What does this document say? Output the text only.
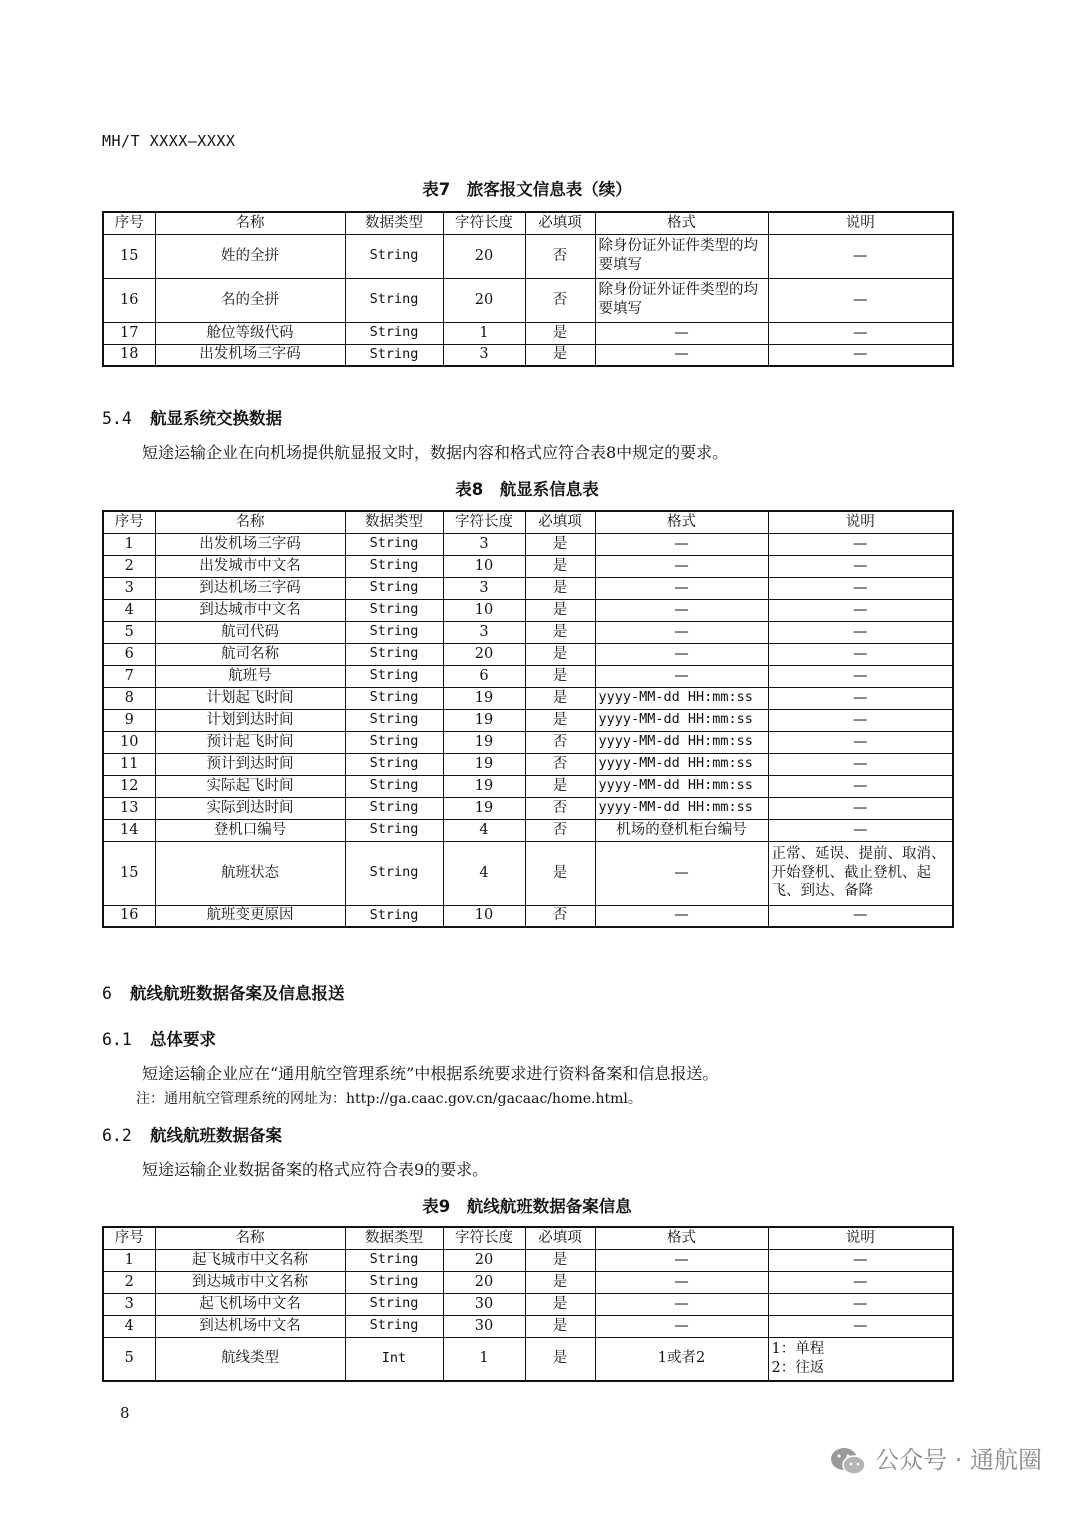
MH/T XXXX—XXXX
表7　旅客报文信息表（续）
序号	名称	数据类型	字符长度	必填项	格式	说明
15	姓的全拼	String	20	否	除身份证外证件类型的均要填写	—
16	名的全拼	String	20	否	除身份证外证件类型的均要填写	—
17	舱位等级代码	String	1	是	—	—
18	出发机场三字码	String	3	是	—	—
5.4 航显系统交换数据
短途运输企业在向机场提供航显报文时，数据内容和格式应符合表8中规定的要求。
表8　航显系信息表
序号	名称	数据类型	字符长度	必填项	格式	说明
1	出发机场三字码	String	3	是	—	—
2	出发城市中文名	String	10	是	—	—
3	到达机场三字码	String	3	是	—	—
4	到达城市中文名	String	10	是	—	—
5	航司代码	String	3	是	—	—
6	航司名称	String	20	是	—	—
7	航班号	String	6	是	—	—
8	计划起飞时间	String	19	是	yyyy-MM-dd HH:mm:ss	—
9	计划到达时间	String	19	是	yyyy-MM-dd HH:mm:ss	—
10	预计起飞时间	String	19	否	yyyy-MM-dd HH:mm:ss	—
11	预计到达时间	String	19	否	yyyy-MM-dd HH:mm:ss	—
12	实际起飞时间	String	19	是	yyyy-MM-dd HH:mm:ss	—
13	实际到达时间	String	19	否	yyyy-MM-dd HH:mm:ss	—
14	登机口编号	String	4	否	机场的登机柜台编号	—
15	航班状态	String	4	是	—	正常、延误、提前、取消、开始登机、截止登机、起飞、到达、备降
16	航班变更原因	String	10	否	—	—
6 航线航班数据备案及信息报送
6.1 总体要求
短途运输企业应在“通用航空管理系统”中根据系统要求进行资料备案和信息报送。
注：通用航空管理系统的网址为：http://ga.caac.gov.cn/gacaac/home.html。
6.2 航线航班数据备案
短途运输企业数据备案的格式应符合表9的要求。
表9　航线航班数据备案信息
序号	名称	数据类型	字符长度	必填项	格式	说明
1	起飞城市中文名称	String	20	是	—	—
2	到达城市中文名称	String	20	是	—	—
3	起飞机场中文名	String	30	是	—	—
4	到达机场中文名	String	30	是	—	—
5	航线类型	Int	1	是	1或者2	1：单程
2：往返
8
公众号 · 通航圈
